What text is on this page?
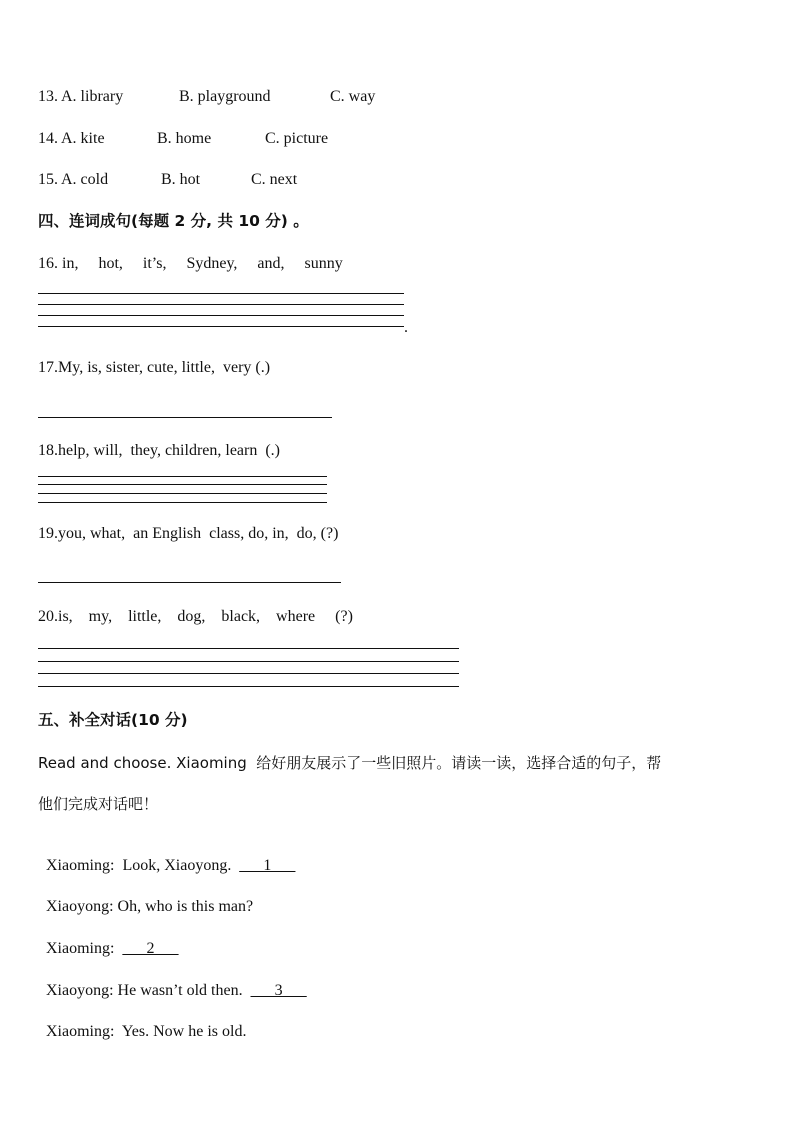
13.

A. library

	B. playground

	C. way

14.

A. kite

	B. home

	C. picture

15.

A. cold

	B. hot

	C. next

四、连词成句(每题 2 分, 共 10 分) 。
16. in,     hot,     it’s,     Sydney,     and,     sunny
.
17.My, is, sister, cute, little,  very (.)
18.help, will,  they, children, learn  (.)
19.you, what,  an English  class, do, in,  do, (?)
20.is,    my,    little,    dog,    black,    where     (?)
五、补全对话(10 分)
Read and choose. Xiaoming  给好朋友展示了一些旧照片。请读一读，选择合适的句子，帮
他们完成对话吧！

Xiaoming:  Look, Xiaoyong.  ___1___

Xiaoyong: Oh, who is this man?

Xiaoming:  ___2___

Xiaoyong: He wasn’t old then.  ___3___

Xiaoming:  Yes. Now he is old.
